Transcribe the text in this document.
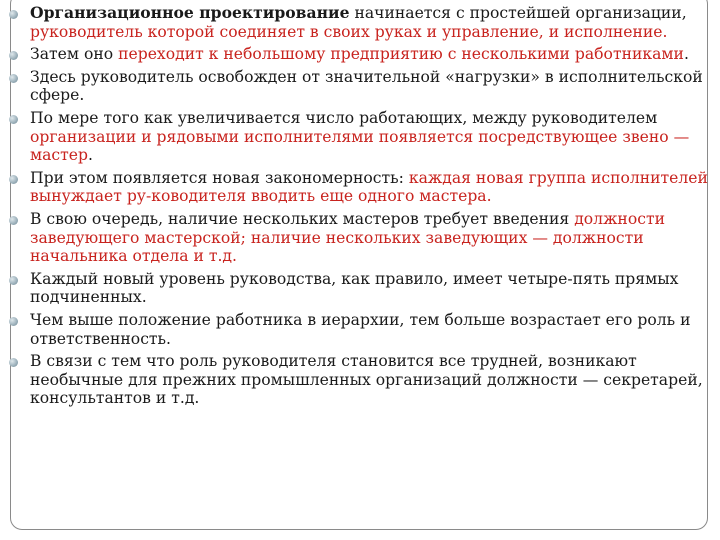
Организационное проектирование начинается с простейшей организации, руководитель которой соединяет в своих руках и управление, и исполнение.
Затем оно переходит к небольшому предприятию с несколькими работниками.
Здесь руководитель освобожден от значительной «нагрузки» в исполнительской сфере.
По мере того как увеличивается число работающих, между руководителем организации и рядовыми исполнителями появляется посредствующее звено — мастер.
При этом появляется новая закономерность: каждая новая группа исполнителей вынуждает ру-ководителя вводить еще одного мастера.
В свою очередь, наличие нескольких мастеров требует введения должности заведующего мастерской; наличие нескольких заведующих — должности начальника отдела и т.д.
Каждый новый уровень руководства, как правило, имеет четыре-пять прямых подчиненных.
Чем выше положение работника в иерархии, тем больше возрастает его роль и ответственность.
В связи с тем что роль руководителя становится все трудней, возникают необычные для прежних промышленных организаций должности — секретарей, консультантов и т.д.
